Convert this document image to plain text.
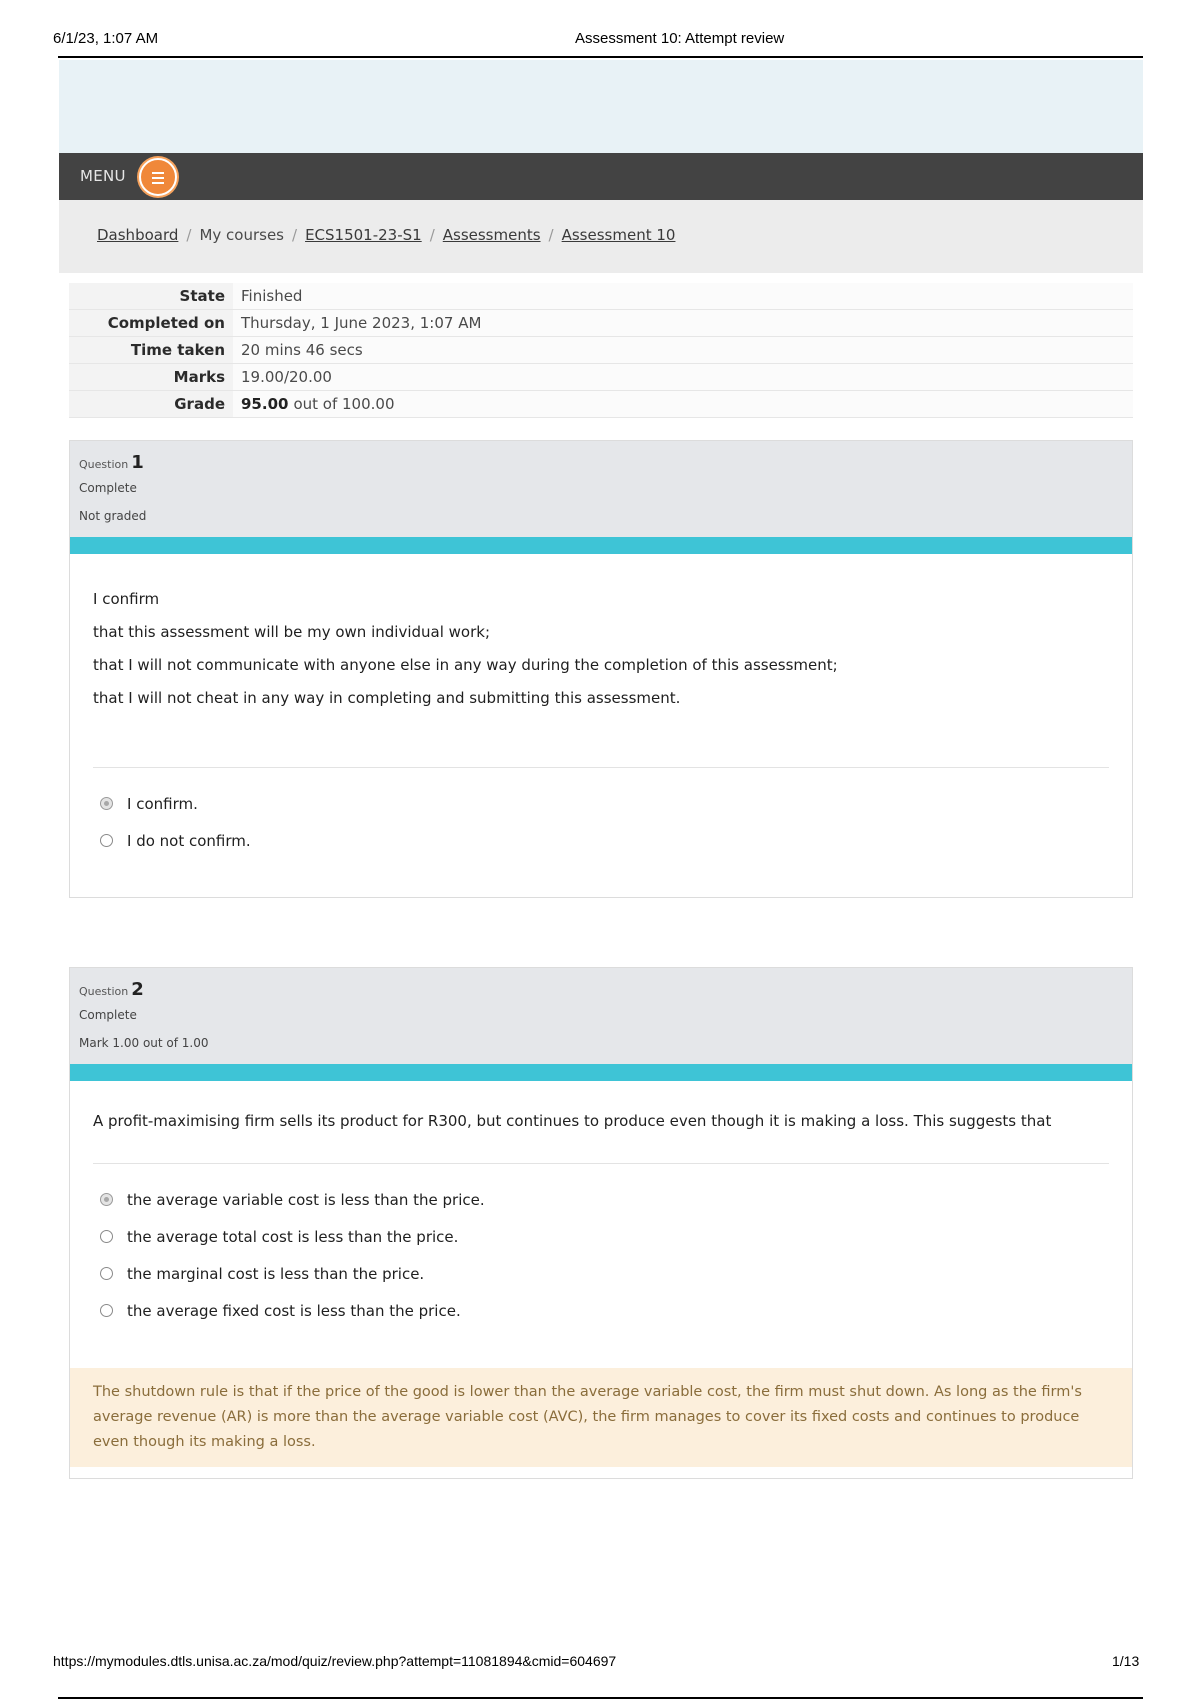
6/1/23, 1:07 AM	Assessment 10: Attempt review
MENU
Dashboard / My courses / ECS1501-23-S1 / Assessments / Assessment 10
State	Finished
Completed on	Thursday, 1 June 2023, 1:07 AM
Time taken	20 mins 46 secs
Marks	19.00/20.00
Grade	95.00 out of 100.00
Question 1
Complete
Not graded

I confirm

that this assessment will be my own individual work;

that I will not communicate with anyone else in any way during the completion of this assessment;

that I will not cheat in any way in completing and submitting this assessment.

I confirm.
I do not confirm.
Question 2
Complete
Mark 1.00 out of 1.00

A profit-maximising firm sells its product for R300, but continues to produce even though it is making a loss. This suggests that

the average variable cost is less than the price.
the average total cost is less than the price.
the marginal cost is less than the price.
the average fixed cost is less than the price.
The shutdown rule is that if the price of the good is lower than the average variable cost, the firm must shut down. As long as the firm's average revenue (AR) is more than the average variable cost (AVC), the firm manages to cover its fixed costs and continues to produce even though its making a loss.
https://mymodules.dtls.unisa.ac.za/mod/quiz/review.php?attempt=11081894&cmid=604697	1/13
